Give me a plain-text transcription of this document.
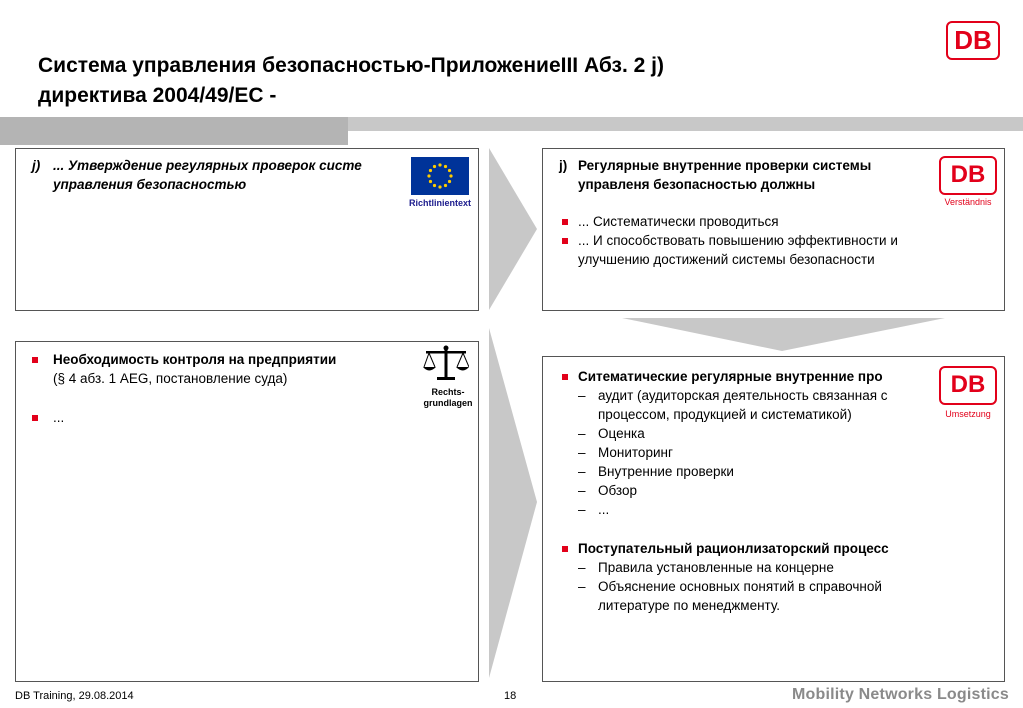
Система управления безопасностью-ПриложениеIII Абз. 2 j)
директива 2004/49/EC -
DB
j) ... Утверждение регулярных проверок систе
управления безопасностью
Richtlinientext
j) Регулярные внутренние проверки системы
управленя безопасностью должны
... Систематически проводиться
... И способствовать повышению эффективности и
улучшению достижений системы безопасности
DB
Verständnis
Необходимость контроля на предприятии
(§ 4 абз. 1 AEG, постановление суда)
...
Rechts-
grundlagen
Ситематические регулярные внутренние про
– аудит (аудиторская деятельность связанная с
процессом, продукцией и систематикой)
– Оценка
– Мониторинг
– Внутренние проверки
– Обзор
– ...
Поступательный рационлизаторский процесс
– Правила установленные на концерне
– Объяснение основных понятий в справочной
литературе по менеджменту.
DB
Umsetzung
DB Training, 29.08.2014	18	Mobility Networks Logistics
